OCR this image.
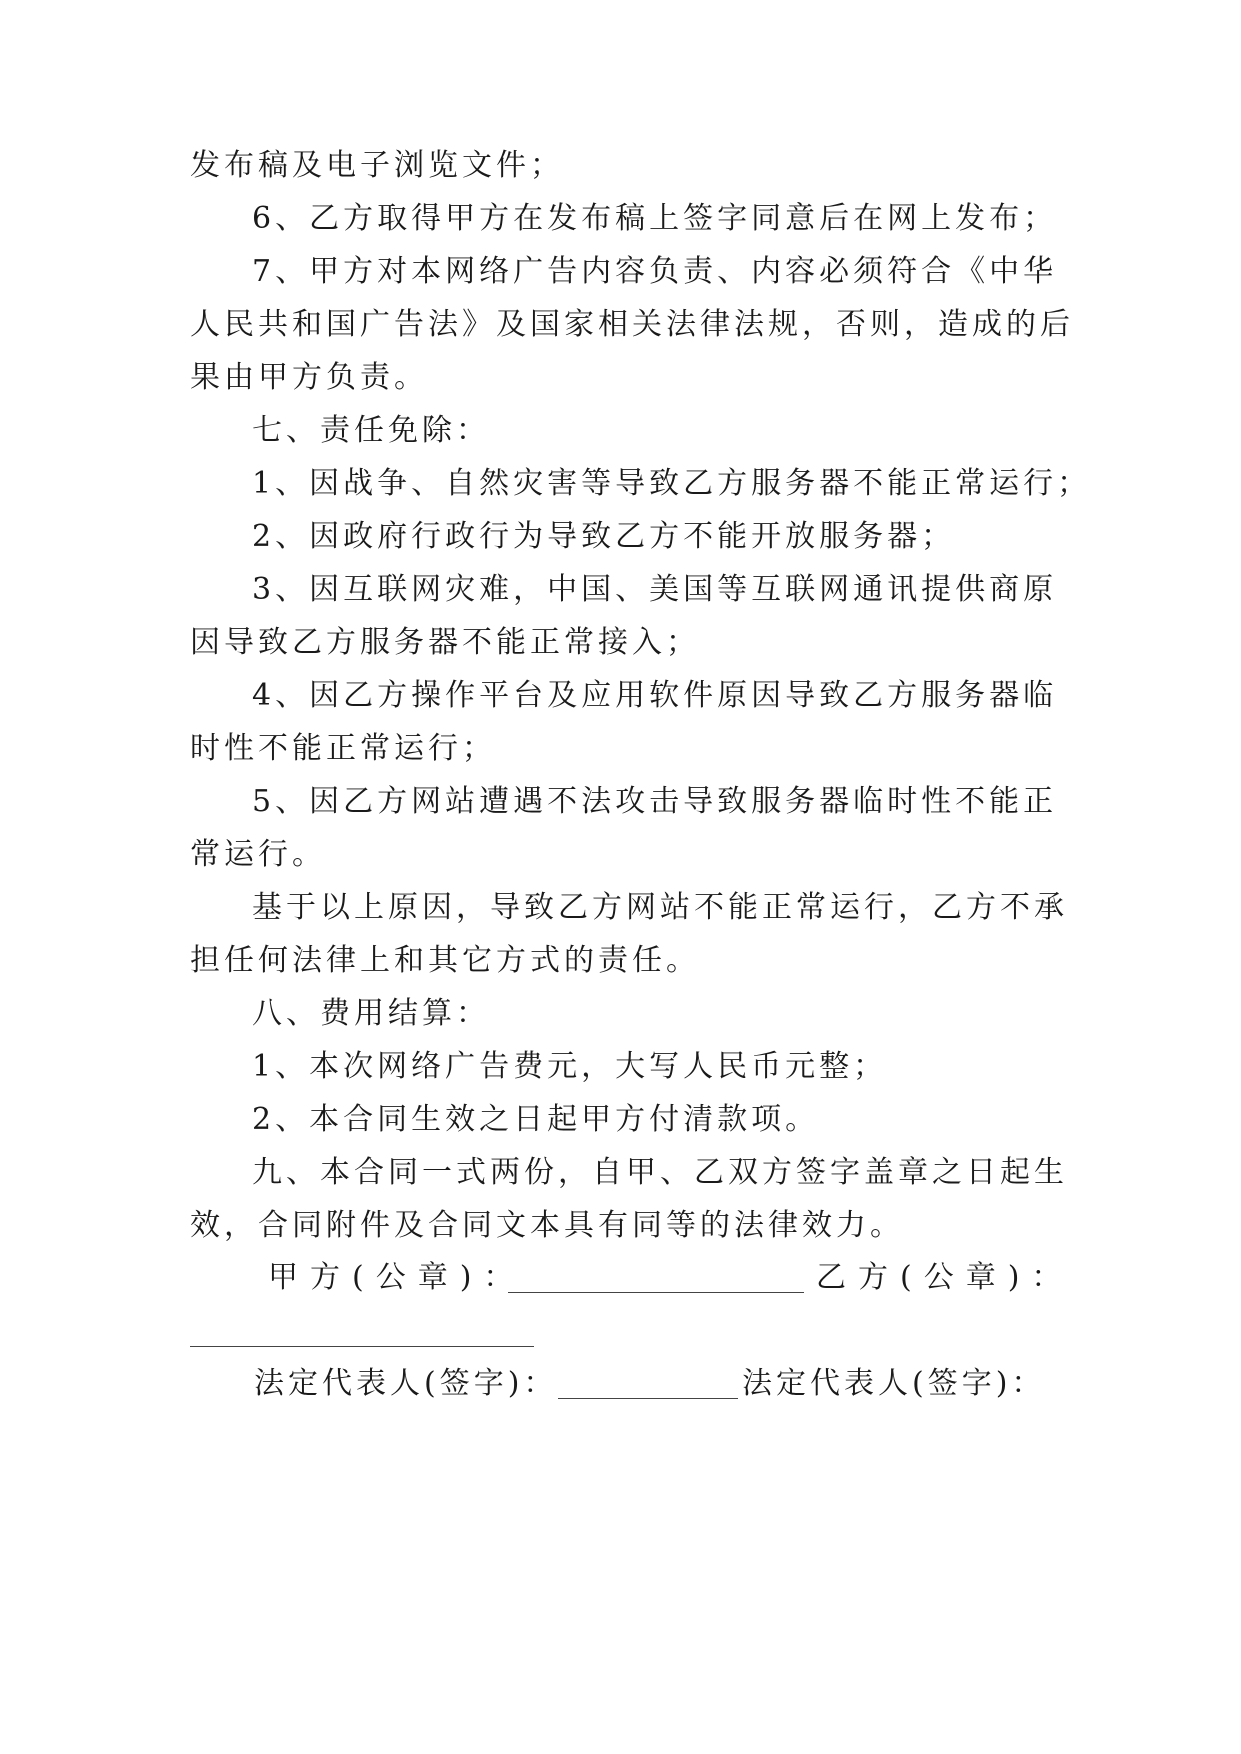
发布稿及电子浏览文件；
6、乙方取得甲方在发布稿上签字同意后在网上发布；
7、甲方对本网络广告内容负责、内容必须符合《中华
人民共和国广告法》及国家相关法律法规，否则，造成的后
果由甲方负责。
七、责任免除：
1、因战争、自然灾害等导致乙方服务器不能正常运行；
2、因政府行政行为导致乙方不能开放服务器；
3、因互联网灾难，中国、美国等互联网通讯提供商原
因导致乙方服务器不能正常接入；
4、因乙方操作平台及应用软件原因导致乙方服务器临
时性不能正常运行；
5、因乙方网站遭遇不法攻击导致服务器临时性不能正
常运行。
基于以上原因，导致乙方网站不能正常运行，乙方不承
担任何法律上和其它方式的责任。
八、费用结算：
1、本次网络广告费元，大写人民币元整；
2、本合同生效之日起甲方付清款项。
九、本合同一式两份，自甲、乙双方签字盖章之日起生
效，合同附件及合同文本具有同等的法律效力。
甲方(公章)：	乙方(公章)：
法定代表人(签字)：	法定代表人(签字)：
